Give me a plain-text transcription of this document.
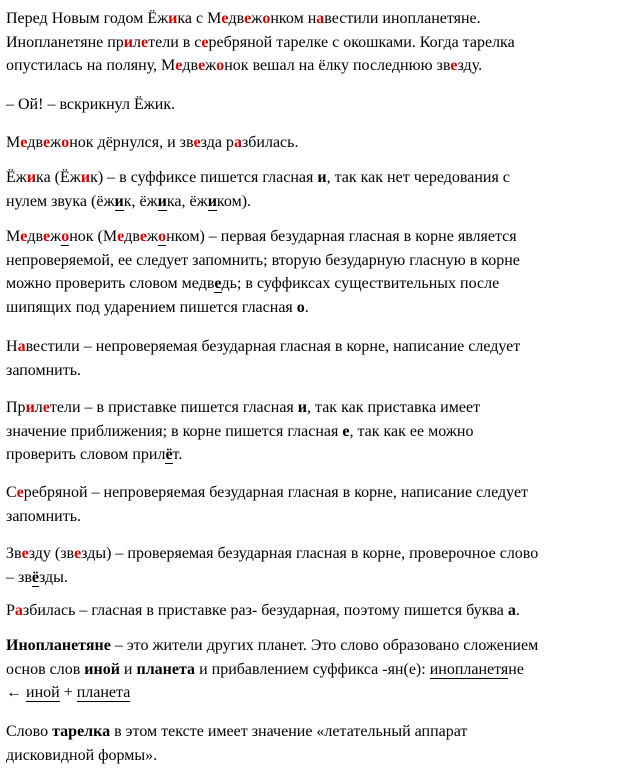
Перед Новым годом Ёжика с Медвежонком навестили инопланетяне.
Инопланетяне прилетели в серебряной тарелке с окошками. Когда тарелка
опустилась на поляну, Медвежонок вешал на ёлку последнюю звезду.

– Ой! – вскрикнул Ёжик.

Медвежонок дёрнулся, и звезда разбилась.

Ёжика (Ёжик) – в суффиксе пишется гласная и, так как нет чередования с
нулем звука (ёжик, ёжика, ёжиком).

Медвежонок (Медвежонком) – первая безударная гласная в корне является
непроверяемой, ее следует запомнить; вторую безударную гласную в корне
можно проверить словом медведь; в суффиксах существительных после
шипящих под ударением пишется гласная о.

Навестили – непроверяемая безударная гласная в корне, написание следует
запомнить.

Прилетели – в приставке пишется гласная и, так как приставка имеет
значение приближения; в корне пишется гласная е, так как ее можно
проверить словом прилёт.

Серебряной – непроверяемая безударная гласная в корне, написание следует
запомнить.

Звезду (звезды) – проверяемая безударная гласная в корне, проверочное слово
– звёзды.

Разбилась – гласная в приставке раз- безударная, поэтому пишется буква а.

Инопланетяне – это жители других планет. Это слово образовано сложением
основ слов иной и планета и прибавлением суффикса -ян(е): инопланетяне
← иной + планета

Слово тарелка в этом тексте имеет значение «летательный аппарат
дисковидной формы».
